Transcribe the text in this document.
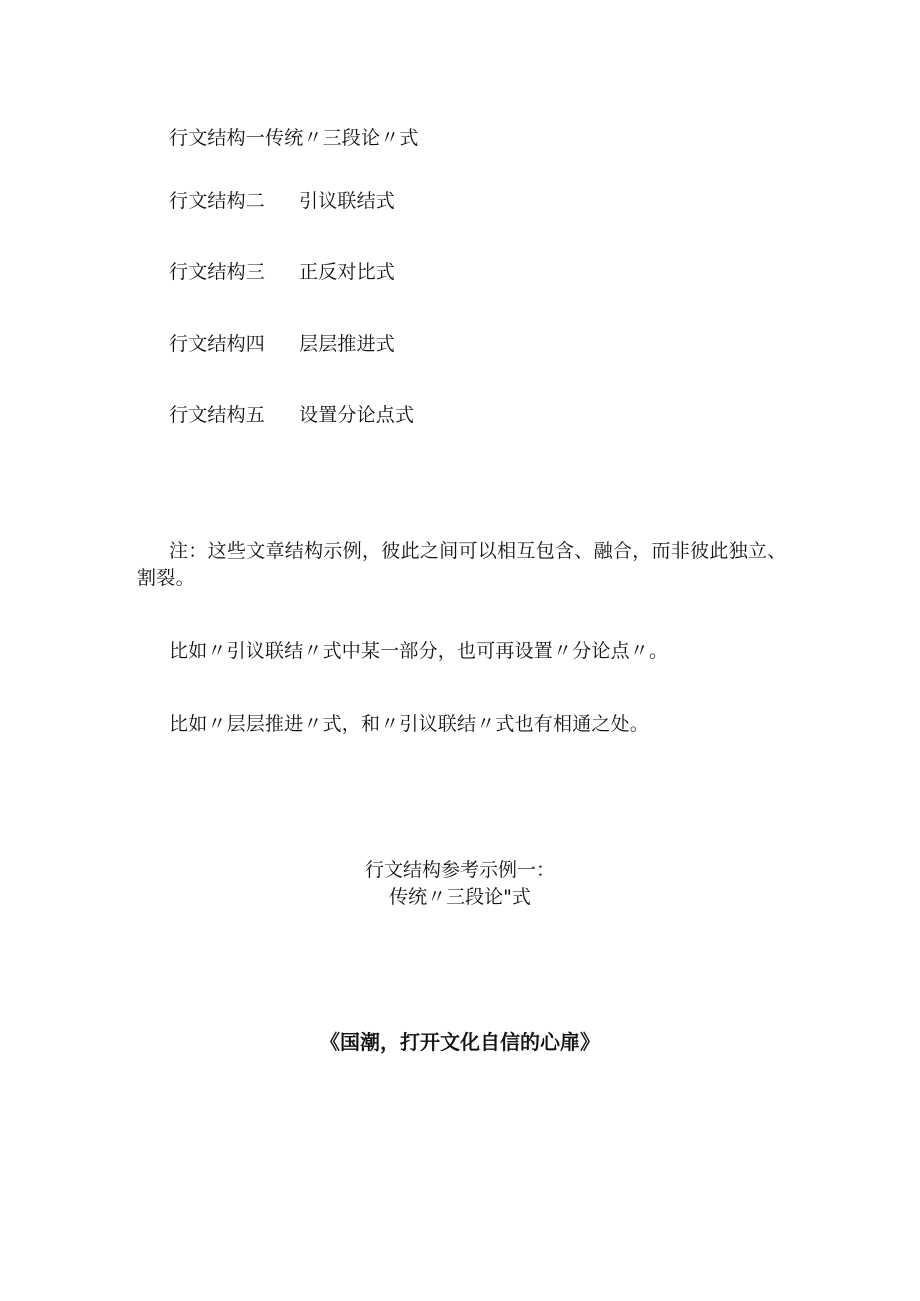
行文结构一传统〃三段论〃式
行文结构二 引议联结式
行文结构三 正反对比式
行文结构四 层层推进式
行文结构五 设置分论点式

注：这些文章结构示例，彼此之间可以相互包含、融合，而非彼此独立、割裂。

比如〃引议联结〃式中某一部分，也可再设置〃分论点〃。
比如〃层层推进〃式，和〃引议联结〃式也有相通之处。
行文结构参考示例一：
传统〃三段论"式
《国潮，打开文化自信的心扉》
